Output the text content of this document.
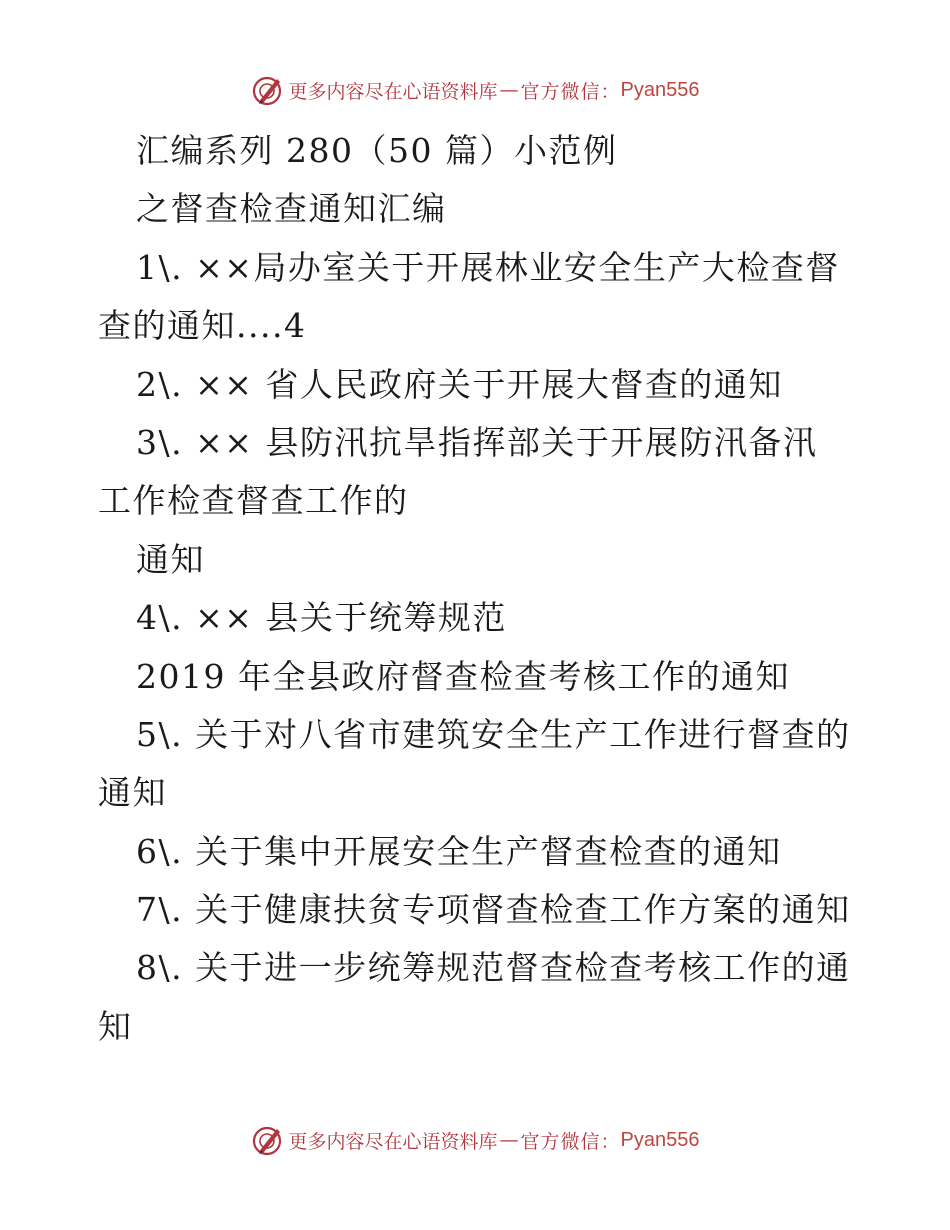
更多内容尽在心语资料库 — 官方微信： Pyan556
汇编系列 280（50 篇）小范例
之督查检查通知汇编
1\. ××局办室关于开展林业安全生产大检查督
查的通知....4
2\. ×× 省人民政府关于开展大督查的通知
3\. ×× 县防汛抗旱指挥部关于开展防汛备汛
工作检查督查工作的
通知
4\. ×× 县关于统筹规范
2019 年全县政府督查检查考核工作的通知
5\. 关于对八省市建筑安全生产工作进行督查的
通知
6\. 关于集中开展安全生产督查检查的通知
7\. 关于健康扶贫专项督查检查工作方案的通知
8\. 关于进一步统筹规范督查检查考核工作的通
知
更多内容尽在心语资料库 — 官方微信： Pyan556
